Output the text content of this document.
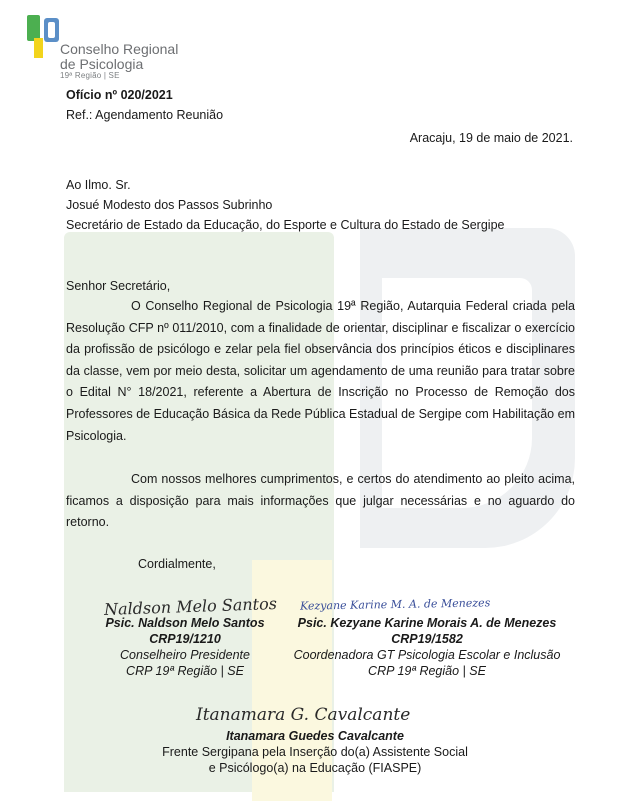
Conselho Regional
de Psicologia
19ª Região | SE
Ofício nº 020/2021
Ref.: Agendamento Reunião
Aracaju, 19 de maio de 2021.
Ao Ilmo. Sr.
Josué Modesto dos Passos Subrinho
Secretário de Estado da Educação, do Esporte e Cultura do Estado de Sergipe
Senhor Secretário,
O Conselho Regional de Psicologia 19ª Região, Autarquia Federal criada pela Resolução CFP nº 011/2010, com a finalidade de orientar, disciplinar e fiscalizar o exercício da profissão de psicólogo e zelar pela fiel observância dos princípios éticos e disciplinares da classe, vem por meio desta, solicitar um agendamento de uma reunião para tratar sobre o Edital N° 18/2021, referente a Abertura de Inscrição no Processo de Remoção dos Professores de Educação Básica da Rede Pública Estadual de Sergipe com Habilitação em Psicologia.
Com nossos melhores cumprimentos, e certos do atendimento ao pleito acima, ficamos a disposição para mais informações que julgar necessárias e no aguardo do retorno.
Cordialmente,
Naldson Melo Santos
Psic. Naldson Melo Santos
CRP19/1210
Conselheiro Presidente
CRP 19ª Região | SE
Kezyane Karine M. A. de Menezes
Psic. Kezyane Karine Morais A. de Menezes
CRP19/1582
Coordenadora GT Psicologia Escolar e Inclusão
CRP 19ª Região | SE
Itanamara G. Cavalcante
Itanamara Guedes Cavalcante
Frente Sergipana pela Inserção do(a) Assistente Social
e Psicólogo(a) na Educação (FIASPE)
